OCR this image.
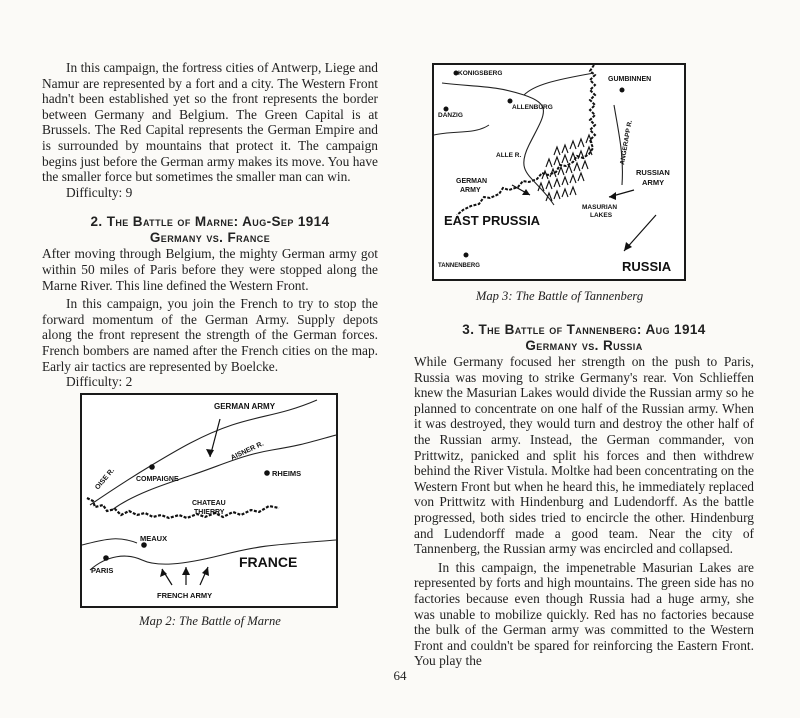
In this campaign, the fortress cities of Antwerp, Liege and Namur are represented by a fort and a city. The Western Front hadn't been established yet so the front represents the border between Germany and Belgium. The Green Capital is at Brussels. The Red Capital represents the German Empire and is surrounded by mountains that protect it. The campaign begins just before the German army makes its move. You have the smaller force but sometimes the smaller man can win.

Difficulty: 9

2. The Battle of Marne: Aug-Sep 1914
Germany vs. France

After moving through Belgium, the mighty German army got within 50 miles of Paris before they were stopped along the Marne River. This line defined the Western Front.

In this campaign, you join the French to try to stop the forward momentum of the German Army. Supply depots along the front represent the strength of the German forces. French bombers are named after the French cities on the map. Early air tactics are represented by Boelcke.

Difficulty: 2

GERMAN ARMY
AISNER R.
OISE R.	COMPAIGNE
RHEIMS
CHATEAU
THIERRY
MEAUX
PARIS
FRANCE
FRENCH ARMY
Map 2: The Battle of Marne
KONIGSBERG
GUMBINNEN
ALLENBURG
DANZIG
ANGERAPP R.
ALLE R.
GERMAN
ARMY
RUSSIAN
ARMY
MASURIAN
LAKES
EAST PRUSSIA
TANNENBERG	RUSSIA
Map 3: The Battle of Tannenberg
3. The Battle of Tannenberg: Aug 1914
Germany vs. Russia

While Germany focused her strength on the push to Paris, Russia was moving to strike Germany's rear. Von Schlieffen knew the Masurian Lakes would divide the Russian army so he planned to concentrate on one half of the Russian army. When it was destroyed, they would turn and destroy the other half of the Russian army. Instead, the German commander, von Prittwitz, panicked and split his forces and then withdrew behind the River Vistula. Moltke had been concentrating on the Western Front but when he heard this, he immediately replaced von Prittwitz with Hindenburg and Ludendorff. As the battle progressed, both sides tried to encircle the other. Hindenburg and Ludendorff made a good team. Near the city of Tannenberg, the Russian army was encircled and collapsed.

In this campaign, the impenetrable Masurian Lakes are represented by forts and high mountains. The green side has no factories because even though Russia had a huge army, she was unable to mobilize quickly. Red has no factories because the bulk of the German army was committed to the Western Front and couldn't be spared for reinforcing the Eastern Front. You play the

64
